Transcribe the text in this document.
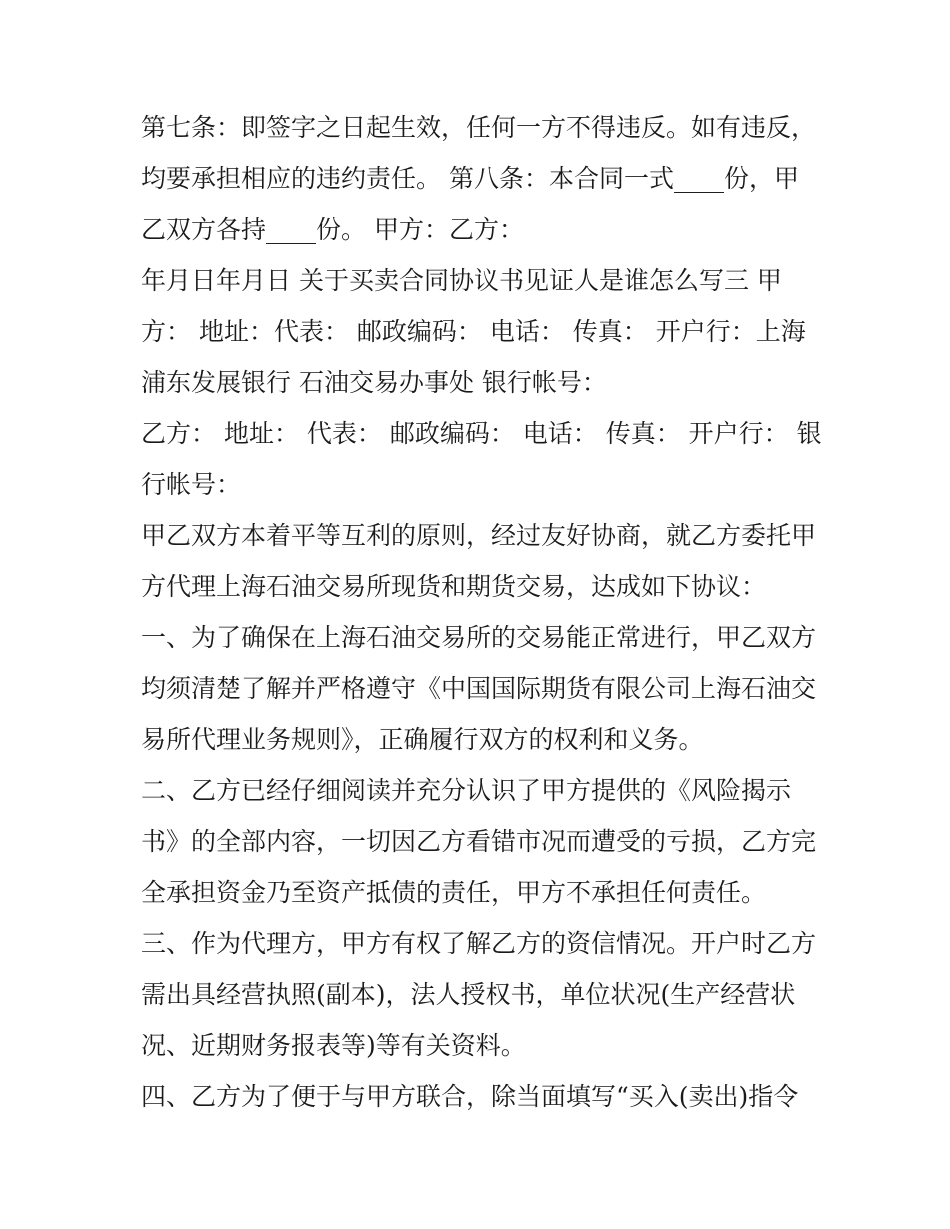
第七条：即签字之日起生效，任何一方不得违反。如有违反，

均要承担相应的违约责任。 第八条：本合同一式____份，甲

乙双方各持____份。 甲方：乙方：

年月日年月日 关于买卖合同协议书见证人是谁怎么写三 甲

方： 地址：代表： 邮政编码： 电话： 传真： 开户行：上海

浦东发展银行 石油交易办事处 银行帐号：

乙方： 地址： 代表： 邮政编码： 电话： 传真： 开户行： 银

行帐号：

甲乙双方本着平等互利的原则，经过友好协商，就乙方委托甲

方代理上海石油交易所现货和期货交易，达成如下协议：

一、为了确保在上海石油交易所的交易能正常进行，甲乙双方

均须清楚了解并严格遵守《中国国际期货有限公司上海石油交

易所代理业务规则》，正确履行双方的权利和义务。

二、乙方已经仔细阅读并充分认识了甲方提供的《风险揭示

书》的全部内容，一切因乙方看错市况而遭受的亏损，乙方完

全承担资金乃至资产抵债的责任，甲方不承担任何责任。

三、作为代理方，甲方有权了解乙方的资信情况。开户时乙方

需出具经营执照(副本)，法人授权书，单位状况(生产经营状

况、近期财务报表等)等有关资料。

四、乙方为了便于与甲方联合，除当面填写“买入(卖出)指令
